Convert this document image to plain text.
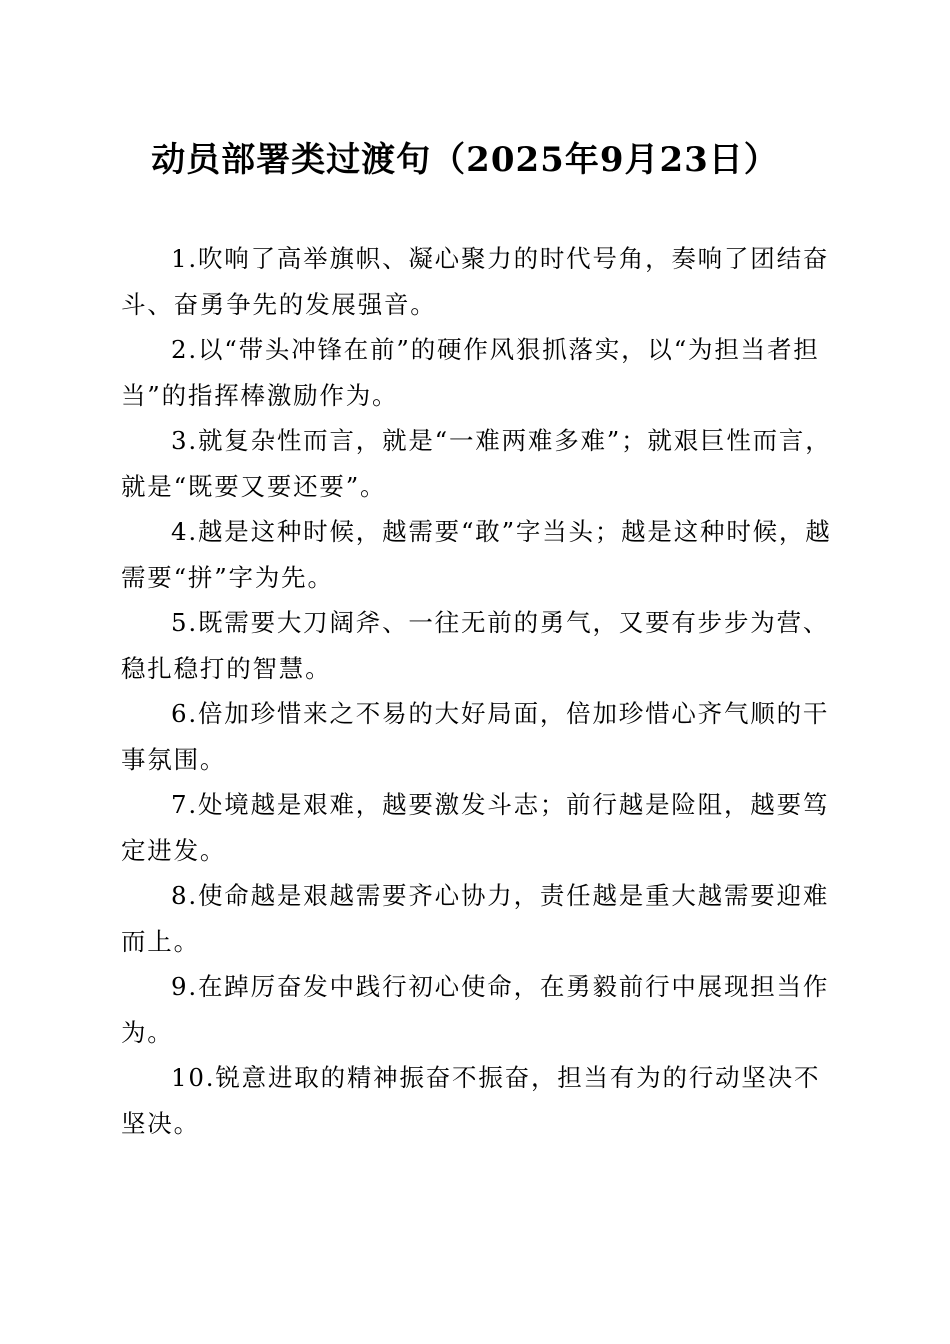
动员部署类过渡句（2025年9月23日）

1.吹响了高举旗帜、凝心聚力的时代号角，奏响了团结奋斗、奋勇争先的发展强音。

2.以“带头冲锋在前”的硬作风狠抓落实，以“为担当者担当”的指挥棒激励作为。

3.就复杂性而言，就是“一难两难多难”；就艰巨性而言，就是“既要又要还要”。

4.越是这种时候，越需要“敢”字当头；越是这种时候，越需要“拼”字为先。

5.既需要大刀阔斧、一往无前的勇气，又要有步步为营、稳扎稳打的智慧。

6.倍加珍惜来之不易的大好局面，倍加珍惜心齐气顺的干事氛围。

7.处境越是艰难，越要激发斗志；前行越是险阻，越要笃定进发。

8.使命越是艰越需要齐心协力，责任越是重大越需要迎难而上。

9.在踔厉奋发中践行初心使命，在勇毅前行中展现担当作为。

10.锐意进取的精神振奋不振奋，担当有为的行动坚决不坚决。
